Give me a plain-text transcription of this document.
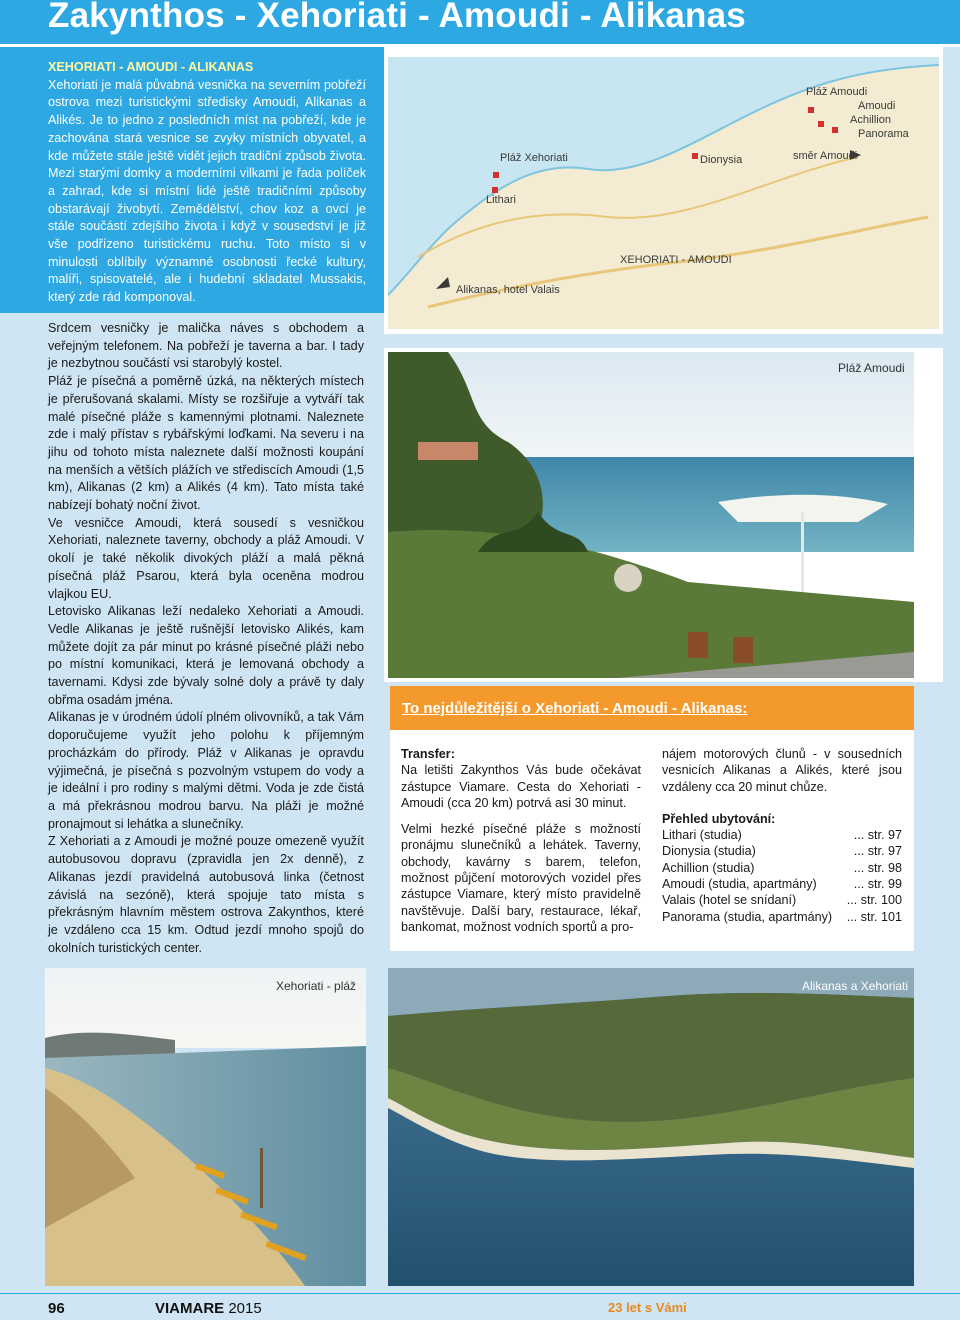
Zakynthos - Xehoriati - Amoudi - Alikanas
XEHORIATI - AMOUDI - ALIKANAS
Xehoriati je malá půvabná vesnička na severním pobřeží ostrova mezi turistickými středisky Amoudi, Alikanas a Alikés. Je to jedno z posledních míst na pobřeží, kde je zachována stará vesnice se zvyky místních obyvatel, a kde můžete stále ještě vidět jejich tradiční způsob života. Mezi starými domky a moderními vilkami je řada políček a zahrad, kde si místní lidé ještě tradičními způsoby obstarávají živobytí. Zemědělství, chov koz a ovcí je stále součástí zdejšího života i když v sousedství je již vše podřízeno turistickému ruchu. Toto místo si v minulosti oblíbily významné osobnosti řecké kultury, malíři, spisovatelé, ale i hudební skladatel Mussakis, který zde rád komponoval.
Pláž Amoudi
Amoudi
Achillion
Panorama
Pláž Xehoriati	Dionysia	směr Amoudi
Lithari
XEHORIATI - AMOUDI
Alikanas, hotel Valais

Srdcem vesničky je malička náves s obchodem a veřejným telefonem. Na pobřeží je taverna a bar. I tady je nezbytnou součástí vsi starobylý kostel.

Pláž je písečná a poměrně úzká, na některých místech je přerušovaná skalami. Místy se rozšiřuje a vytváří tak malé písečné pláže s kamennými plotnami. Naleznete zde i malý přístav s rybářskými loďkami. Na severu i na jihu od tohoto místa naleznete další možnosti koupání na menších a větších plážích ve střediscích Amoudi (1,5 km), Alikanas (2 km) a Alikés (4 km). Tato místa také nabízejí bohatý noční život.

Ve vesničce Amoudi, která sousedí s vesničkou Xehoriati, naleznete taverny, obchody a pláž Amoudi. V okolí je také několik divokých pláží a malá pěkná písečná pláž Psarou, která byla oceněna modrou vlajkou EU.

Letovisko Alikanas leží nedaleko Xehoriati a Amoudi. Vedle Alikanas je ještě rušnější letovisko Alikés, kam můžete dojít za pár minut po krásné písečné pláži nebo po místní komunikaci, která je lemovaná obchody a tavernami. Kdysi zde bývaly solné doly a právě ty daly obřma osadám jména.

Alikanas je v úrodném údolí plném olivovníků, a tak Vám doporučujeme využít jeho polohu k příjemným procházkám do přírody. Pláž v Alikanas je opravdu výjimečná, je písečná s pozvolným vstupem do vody a je ideální i pro rodiny s malými dětmi. Voda je zde čistá a má překrásnou modrou barvu. Na pláži je možné pronajmout si lehátka a slunečníky.

Z Xehoriati a z Amoudi je možné pouze omezeně využít autobusovou dopravu (zpravidla jen 2x denně), z Alikanas jezdí pravidelná autobusová linka (četnost závislá na sezóně), která spojuje tato místa s překrásným hlavním městem ostrova Zakynthos, které je vzdáleno cca 15 km. Odtud jezdí mnoho spojů do okolních turistických center.

Pláž Amoudi
To nejdůležitější o Xehoriati - Amoudi - Alikanas:

Transfer:

Na letišti Zakynthos Vás bude očekávat zástupce Viamare. Cesta do Xehoriati - Amoudi (cca 20 km) potrvá asi 30 minut.

Velmi hezké písečné pláže s možností pronájmu slunečníků a lehátek. Taverny, obchody, kavárny s barem, telefon, možnost půjčení motorových vozidel přes zástupce Viamare, který místo pravidelně navštěvuje. Další bary, restaurace, lékař, bankomat, možnost vodních sportů a pro-

nájem motorových člunů - v sousedních vesnicích Alikanas a Alikés, které jsou vzdáleny cca 20 minut chůze.

Přehled ubytování:

Lithari (studia)	... str. 97
Dionysia (studia)	... str. 97
Achillion (studia)	... str. 98
Amoudi (studia, apartmány)	... str. 99
Valais (hotel se snídaní)	... str. 100
Panorama (studia, apartmány) ... str. 101
Xehoriati - pláž	Alikanas a Xehoriati
96	VIAMARE 2015	23 let s Vámi
